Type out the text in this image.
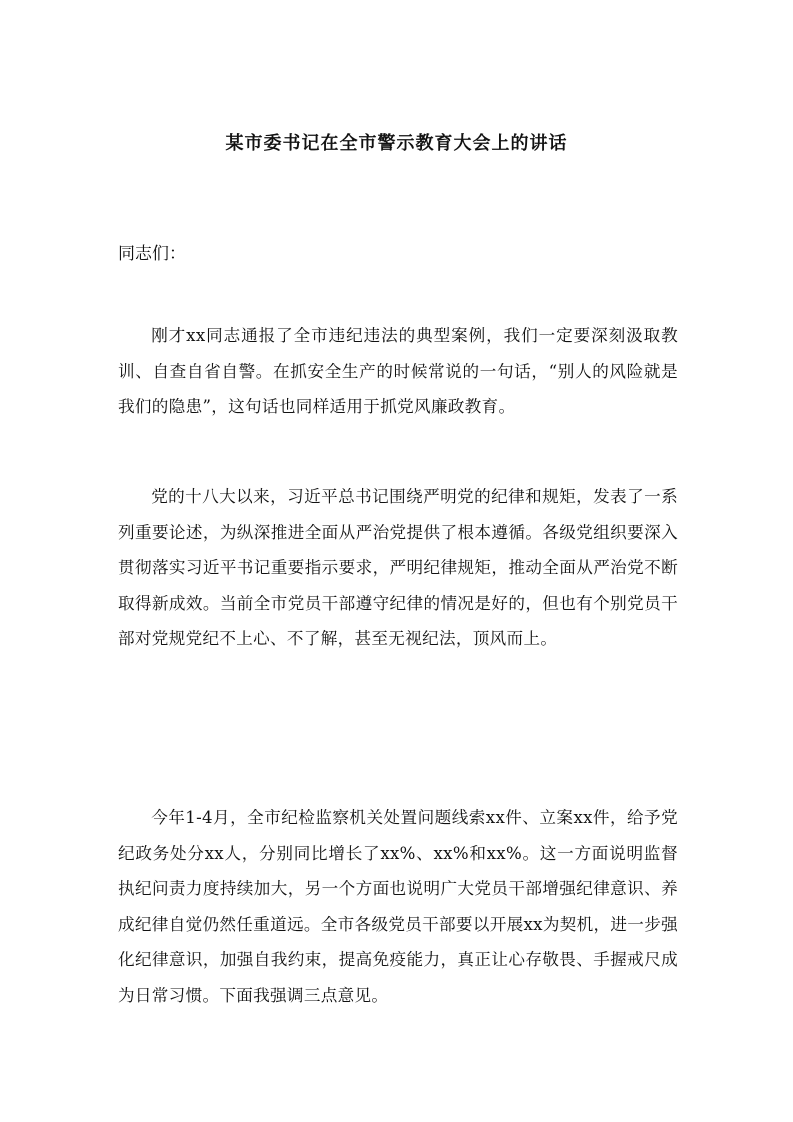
某市委书记在全市警示教育大会上的讲话

同志们：

刚才xx同志通报了全市违纪违法的典型案例，我们一定要深刻汲取教训、自查自省自警。在抓安全生产的时候常说的一句话，“别人的风险就是我们的隐患”，这句话也同样适用于抓党风廉政教育。

党的十八大以来，习近平总书记围绕严明党的纪律和规矩，发表了一系列重要论述，为纵深推进全面从严治党提供了根本遵循。各级党组织要深入贯彻落实习近平书记重要指示要求，严明纪律规矩，推动全面从严治党不断取得新成效。当前全市党员干部遵守纪律的情况是好的，但也有个别党员干部对党规党纪不上心、不了解，甚至无视纪法，顶风而上。

今年1-4月，全市纪检监察机关处置问题线索xx件、立案xx件，给予党纪政务处分xx人，分别同比增长了xx%、xx%和xx%。这一方面说明监督执纪问责力度持续加大，另一个方面也说明广大党员干部增强纪律意识、养成纪律自觉仍然任重道远。全市各级党员干部要以开展xx为契机，进一步强化纪律意识，加强自我约束，提高免疫能力，真正让心存敬畏、手握戒尺成为日常习惯。下面我强调三点意见。
